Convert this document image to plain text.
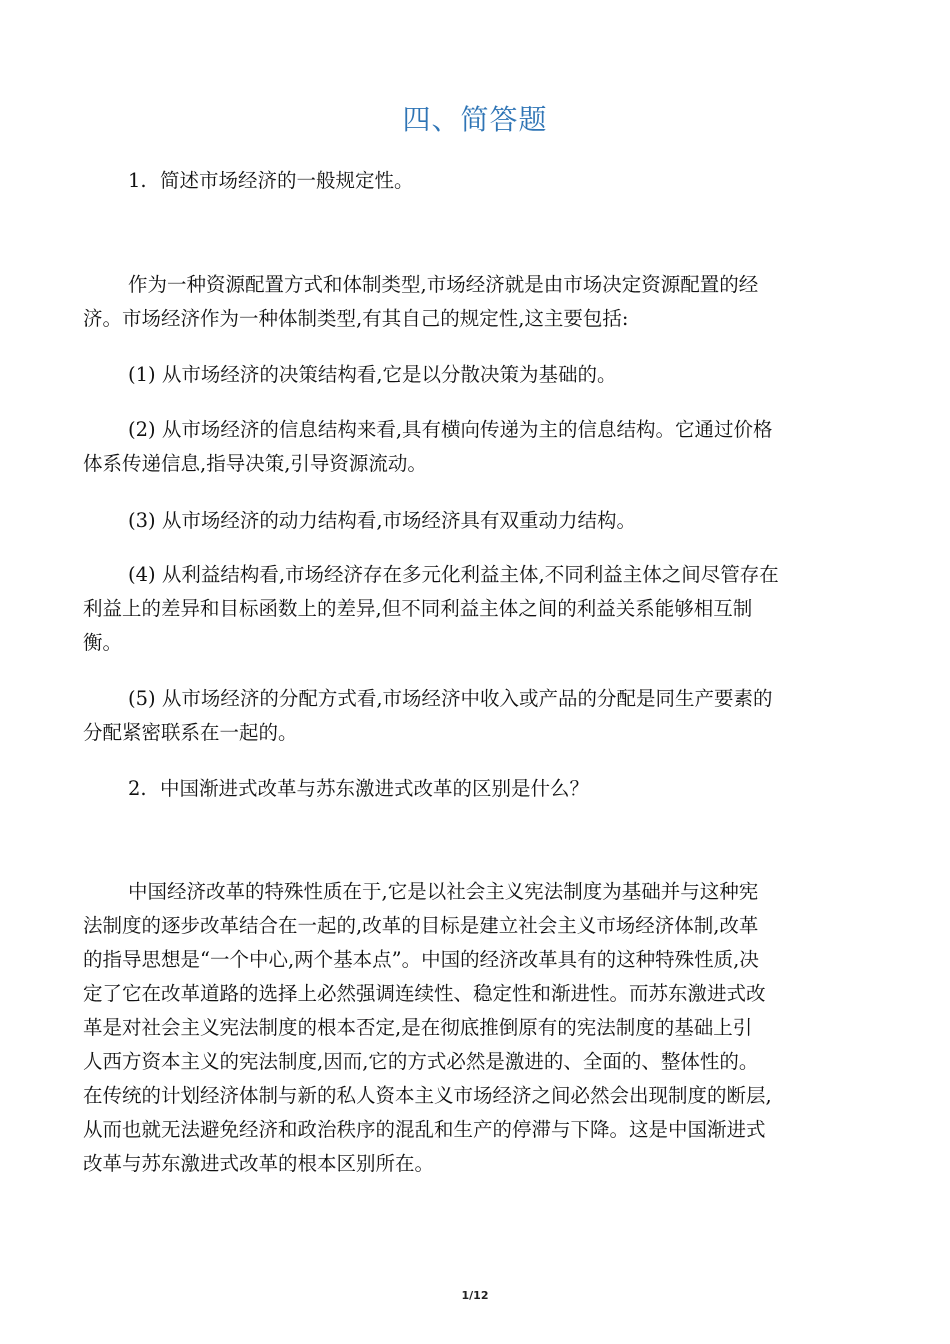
四、简答题
1. 简述市场经济的一般规定性。
作为一种资源配置方式和体制类型,市场经济就是由市场决定资源配置的经
济。市场经济作为一种体制类型,有其自己的规定性,这主要包括:
(1) 从市场经济的决策结构看,它是以分散决策为基础的。
(2) 从市场经济的信息结构来看,具有横向传递为主的信息结构。它通过价格
体系传递信息,指导决策,引导资源流动。
(3) 从市场经济的动力结构看,市场经济具有双重动力结构。
(4) 从利益结构看,市场经济存在多元化利益主体,不同利益主体之间尽管存在
利益上的差异和目标函数上的差异,但不同利益主体之间的利益关系能够相互制
衡。
(5) 从市场经济的分配方式看,市场经济中收入或产品的分配是同生产要素的
分配紧密联系在一起的。
2. 中国渐进式改革与苏东激进式改革的区别是什么？
中国经济改革的特殊性质在于,它是以社会主义宪法制度为基础并与这种宪
法制度的逐步改革结合在一起的,改革的目标是建立社会主义市场经济体制,改革
的指导思想是“一个中心,两个基本点”。中国的经济改革具有的这种特殊性质,决
定了它在改革道路的选择上必然强调连续性、稳定性和渐进性。而苏东激进式改
革是对社会主义宪法制度的根本否定,是在彻底推倒原有的宪法制度的基础上引
人西方资本主义的宪法制度,因而,它的方式必然是激进的、全面的、整体性的。
在传统的计划经济体制与新的私人资本主义市场经济之间必然会出现制度的断层,
从而也就无法避免经济和政治秩序的混乱和生产的停滞与下降。这是中国渐进式
改革与苏东激进式改革的根本区别所在。
1/12
